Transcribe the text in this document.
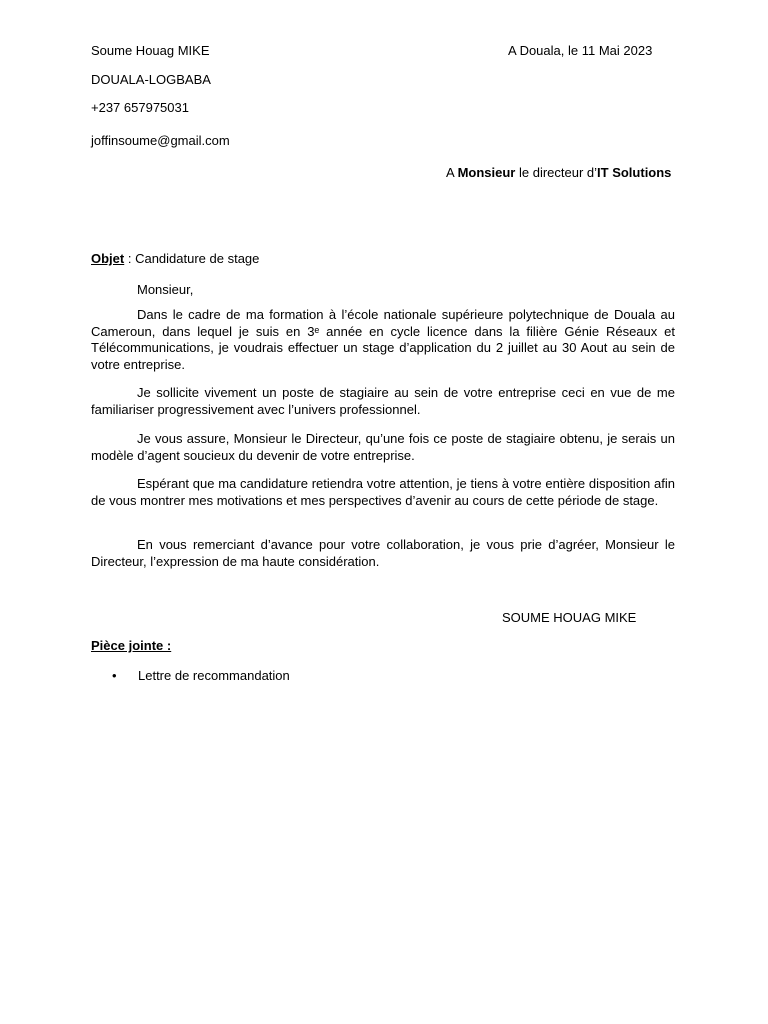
Soume Houag MIKE	A Douala, le 11 Mai 2023
DOUALA-LOGBABA
+237 657975031
joffinsoume@gmail.com
A Monsieur le directeur d’IT Solutions
Objet : Candidature de stage
Monsieur,
Dans le cadre de ma formation à l’école nationale supérieure polytechnique de Douala au Cameroun, dans lequel je suis en 3ᵉ année en cycle licence dans la filière Génie Réseaux et Télécommunications, je voudrais effectuer un stage d’application du 2 juillet au 30 Aout au sein de votre entreprise.
Je sollicite vivement un poste de stagiaire au sein de votre entreprise ceci en vue de me familiariser progressivement avec l’univers professionnel.
Je vous assure, Monsieur le Directeur, qu’une fois ce poste de stagiaire obtenu, je serais un modèle d’agent soucieux du devenir de votre entreprise.
Espérant que ma candidature retiendra votre attention, je tiens à votre entière disposition afin de vous montrer mes motivations et mes perspectives d’avenir au cours de cette période de stage.
En vous remerciant d’avance pour votre collaboration, je vous prie d’agréer, Monsieur le Directeur, l’expression de ma haute considération.
SOUME HOUAG MIKE
Pièce jointe :
• Lettre de recommandation
